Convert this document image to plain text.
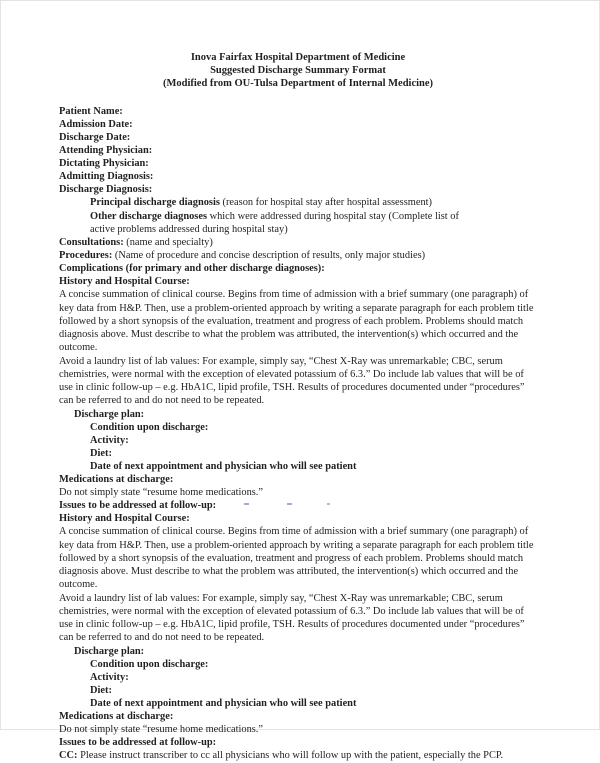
Inova Fairfax Hospital Department of Medicine
Suggested Discharge Summary Format
(Modified from OU-Tulsa Department of Internal Medicine)

Patient Name:

Admission Date:

Discharge Date:

Attending Physician:

Dictating Physician:

Admitting Diagnosis:

Discharge Diagnosis:

Principal discharge diagnosis (reason for hospital stay after hospital assessment)

Other discharge diagnoses which were addressed during hospital stay (Complete list of

active problems addressed during hospital stay)

Consultations: (name and specialty)

Procedures: (Name of procedure and concise description of results, only major studies)

Complications (for primary and other discharge diagnoses):

History and Hospital Course:

A concise summation of clinical course. Begins from time of admission with a brief summary (one paragraph) of key data from H&P. Then, use a problem-oriented approach by writing a separate paragraph for each problem title followed by a short synopsis of the evaluation, treatment and progress of each problem. Problems should match diagnosis above. Must describe to what the problem was attributed, the intervention(s) which occurred and the outcome.

Avoid a laundry list of lab values: For example, simply say, “Chest X-Ray was unremarkable; CBC, serum chemistries, were normal with the exception of elevated potassium of 6.3.” Do include lab values that will be of use in clinic follow-up – e.g. HbA1C, lipid profile, TSH. Results of procedures documented under “procedures” can be referred to and do not need to be repeated.

Discharge plan:

Condition upon discharge:

Activity:

Diet:

Date of next appointment and physician who will see patient

Medications at discharge:

Do not simply state “resume home medications.”

Issues to be addressed at follow-up:

History and Hospital Course:

A concise summation of clinical course. Begins from time of admission with a brief summary (one paragraph) of key data from H&P. Then, use a problem-oriented approach by writing a separate paragraph for each problem title followed by a short synopsis of the evaluation, treatment and progress of each problem. Problems should match diagnosis above. Must describe to what the problem was attributed, the intervention(s) which occurred and the outcome.

Avoid a laundry list of lab values: For example, simply say, “Chest X-Ray was unremarkable; CBC, serum chemistries, were normal with the exception of elevated potassium of 6.3.” Do include lab values that will be of use in clinic follow-up – e.g. HbA1C, lipid profile, TSH. Results of procedures documented under “procedures” can be referred to and do not need to be repeated.

Discharge plan:

Condition upon discharge:

Activity:

Diet:

Date of next appointment and physician who will see patient

Medications at discharge:

Do not simply state “resume home medications.”

Issues to be addressed at follow-up:

CC: Please instruct transcriber to cc all physicians who will follow up with the patient, especially the PCP.
